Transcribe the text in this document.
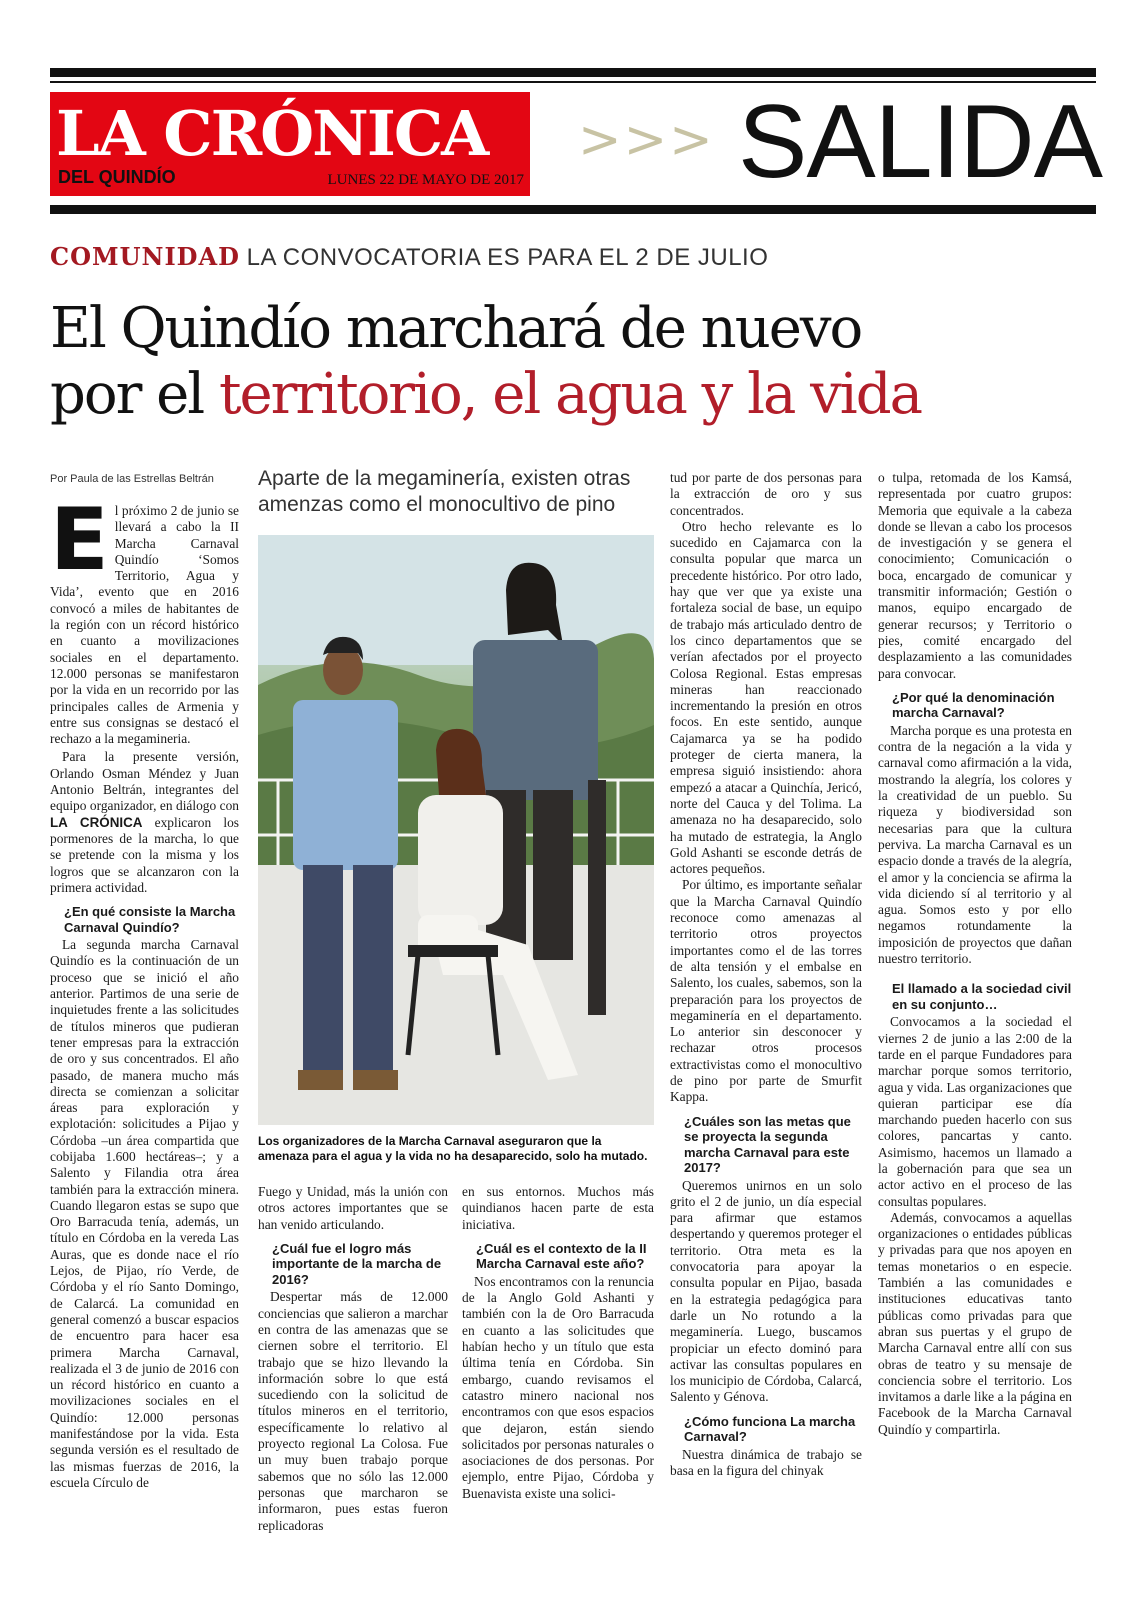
LA CRÓNICA
DEL QUINDÍO	LUNES 22 DE MAYO DE 2017
>>> SALIDA
COMUNIDAD LA CONVOCATORIA ES PARA EL 2 DE JULIO
El Quindío marchará de nuevo
por el territorio, el agua y la vida
Por Paula de las Estrellas Beltrán

El próximo 2 de junio se llevará a cabo la II Marcha Carnaval Quindío ‘Somos Territorio, Agua y Vida’, evento que en 2016 convocó a miles de habitantes de la región con un récord histórico en cuanto a movilizaciones sociales en el departamento. 12.000 personas se manifestaron por la vida en un recorrido por las principales calles de Armenia y entre sus consignas se destacó el rechazo a la megamineria.

Para la presente versión, Orlando Osman Méndez y Juan Antonio Beltrán, integrantes del equipo organizador, en diálogo con LA CRÓNICA explicaron los pormenores de la marcha, lo que se pretende con la misma y los logros que se alcanzaron con la primera actividad.

¿En qué consiste la Marcha Carnaval Quindío?

La segunda marcha Carnaval Quindío es la continuación de un proceso que se inició el año anterior. Partimos de una serie de inquietudes frente a las solicitudes de títulos mineros que pudieran tener empresas para la extracción de oro y sus concentrados. El año pasado, de manera mucho más directa se comienzan a solicitar áreas para exploración y explotación: solicitudes a Pijao y Córdoba –un área compartida que cobijaba 1.600 hectáreas–; y a Salento y Filandia otra área también para la extracción minera. Cuando llegaron estas se supo que Oro Barracuda tenía, además, un título en Córdoba en la vereda Las Auras, que es donde nace el río Lejos, de Pijao, río Verde, de Córdoba y el río Santo Domingo, de Calarcá. La comunidad en general comenzó a buscar espacios de encuentro para hacer esa primera Marcha Carnaval, realizada el 3 de junio de 2016 con un récord histórico en cuanto a movilizaciones sociales en el Quindío: 12.000 personas manifestándose por la vida. Esta segunda versión es el resultado de las mismas fuerzas de 2016, la escuela Círculo de

Aparte de la megaminería, existen otras amenzas como el monocultivo de pino
Los organizadores de la Marcha Carnaval aseguraron que la amenaza para el agua y la vida no ha desaparecido, solo ha mutado.

Fuego y Unidad, más la unión con otros actores importantes que se han venido articulando.

¿Cuál fue el logro más importante de la marcha de 2016?

Despertar más de 12.000 conciencias que salieron a marchar en contra de las amenazas que se ciernen sobre el territorio. El trabajo que se hizo llevando la información sobre lo que está sucediendo con la solicitud de títulos mineros en el territorio, específicamente lo relativo al proyecto regional La Colosa. Fue un muy buen trabajo porque sabemos que no sólo las 12.000 personas que marcharon se informaron, pues estas fueron replicadoras

en sus entornos. Muchos más quindianos hacen parte de esta iniciativa.

¿Cuál es el contexto de la II Marcha Carnaval este año?

Nos encontramos con la renuncia de la Anglo Gold Ashanti y también con la de Oro Barracuda en cuanto a las solicitudes que habían hecho y un título que esta última tenía en Córdoba. Sin embargo, cuando revisamos el catastro minero nacional nos encontramos con que esos espacios que dejaron, están siendo solicitados por personas naturales o asociaciones de dos personas. Por ejemplo, entre Pijao, Córdoba y Buenavista existe una solici-

tud por parte de dos personas para la extracción de oro y sus concentrados.

Otro hecho relevante es lo sucedido en Cajamarca con la consulta popular que marca un precedente histórico. Por otro lado, hay que ver que ya existe una fortaleza social de base, un equipo de trabajo más articulado dentro de los cinco departamentos que se verían afectados por el proyecto Colosa Regional. Estas empresas mineras han reaccionado incrementando la presión en otros focos. En este sentido, aunque Cajamarca ya se ha podido proteger de cierta manera, la empresa siguió insistiendo: ahora empezó a atacar a Quinchía, Jericó, norte del Cauca y del Tolima. La amenaza no ha desaparecido, solo ha mutado de estrategia, la Anglo Gold Ashanti se esconde detrás de actores pequeños.

Por último, es importante señalar que la Marcha Carnaval Quindío reconoce como amenazas al territorio otros proyectos importantes como el de las torres de alta tensión y el embalse en Salento, los cuales, sabemos, son la preparación para los proyectos de megaminería en el departamento. Lo anterior sin desconocer y rechazar otros procesos extractivistas como el monocultivo de pino por parte de Smurfit Kappa.

¿Cuáles son las metas que se proyecta la segunda marcha Carnaval para este 2017?

Queremos unirnos en un solo grito el 2 de junio, un día especial para afirmar que estamos despertando y queremos proteger el territorio. Otra meta es la convocatoria para apoyar la consulta popular en Pijao, basada en la estrategia pedagógica para darle un No rotundo a la megaminería. Luego, buscamos propiciar un efecto dominó para activar las consultas populares en los municipio de Córdoba, Calarcá, Salento y Génova.

¿Cómo funciona La marcha Carnaval?

Nuestra dinámica de trabajo se basa en la figura del chinyak

o tulpa, retomada de los Kamsá, representada por cuatro grupos: Memoria que equivale a la cabeza donde se llevan a cabo los procesos de investigación y se genera el conocimiento; Comunicación o boca, encargado de comunicar y transmitir información; Gestión o manos, equipo encargado de generar recursos; y Territorio o pies, comité encargado del desplazamiento a las comunidades para convocar.

¿Por qué la denominación marcha Carnaval?

Marcha porque es una protesta en contra de la negación a la vida y carnaval como afirmación a la vida, mostrando la alegría, los colores y la creatividad de un pueblo. Su riqueza y biodiversidad son necesarias para que la cultura perviva. La marcha Carnaval es un espacio donde a través de la alegría, el amor y la conciencia se afirma la vida diciendo sí al territorio y al agua. Somos esto y por ello negamos rotundamente la imposición de proyectos que dañan nuestro territorio.

El llamado a la sociedad civil en su conjunto…

Convocamos a la sociedad el viernes 2 de junio a las 2:00 de la tarde en el parque Fundadores para marchar porque somos territorio, agua y vida. Las organizaciones que quieran participar ese día marchando pueden hacerlo con sus colores, pancartas y canto. Asimismo, hacemos un llamado a la gobernación para que sea un actor activo en el proceso de las consultas populares.

Además, convocamos a aquellas organizaciones o entidades públicas y privadas para que nos apoyen en temas monetarios o en especie. También a las comunidades e instituciones educativas tanto públicas como privadas para que abran sus puertas y el grupo de Marcha Carnaval entre allí con sus obras de teatro y su mensaje de conciencia sobre el territorio. Los invitamos a darle like a la página en Facebook de la Marcha Carnaval Quindío y compartirla.
